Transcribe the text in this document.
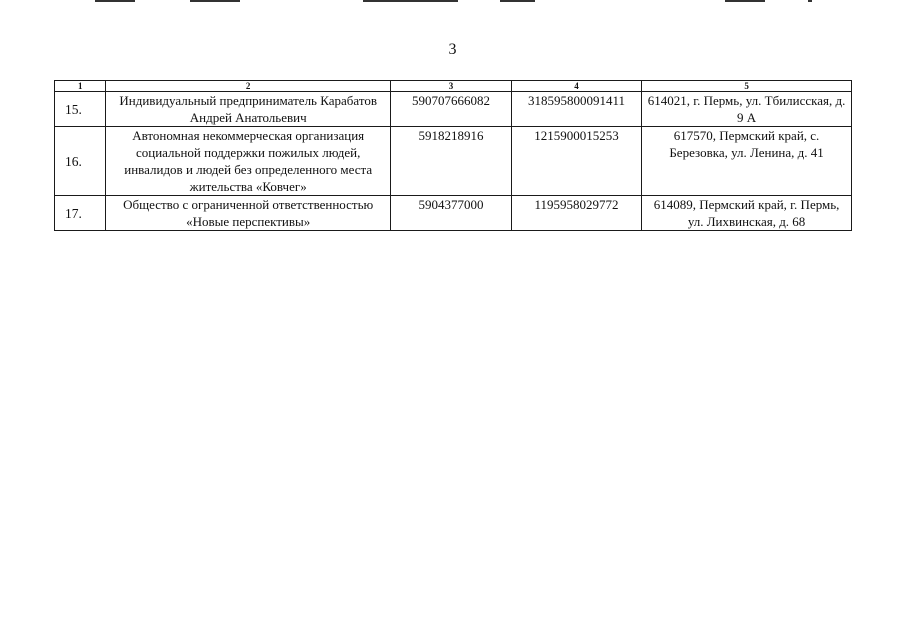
3
1	2	3	4	5
15.	Индивидуальный предприниматель Карабатов Андрей Анатольевич	590707666082	318595800091411	614021, г. Пермь, ул. Тбилисская, д. 9 А
16.	Автономная некоммерческая организация социальной поддержки пожилых людей, инвалидов и людей без определенного места жительства «Ковчег»	5918218916	1215900015253	617570, Пермский край, с. Березовка, ул. Ленина, д. 41
17.	Общество с ограниченной ответственностью «Новые перспективы»	5904377000	1195958029772	614089, Пермский край, г. Пермь, ул. Лихвинская, д. 68
